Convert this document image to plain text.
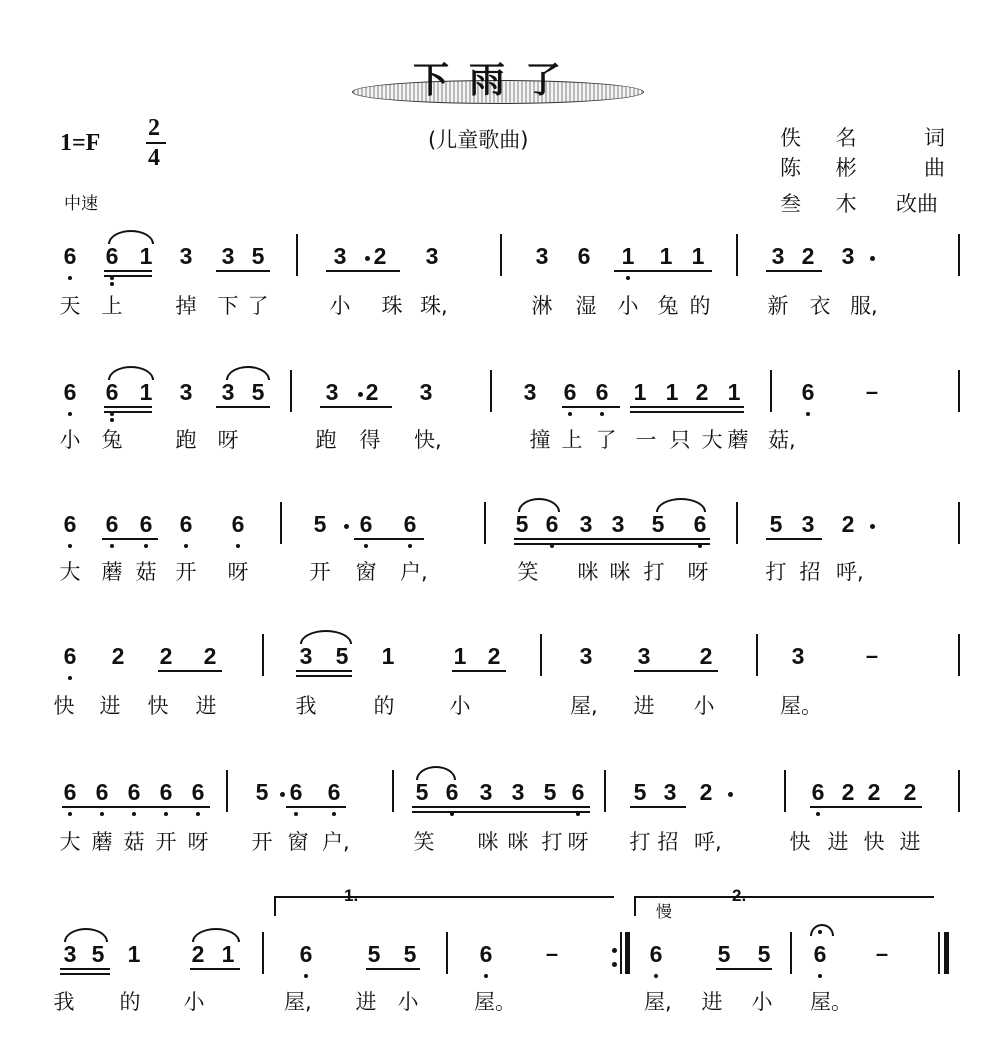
下雨了
1=F
2
4
(儿童歌曲)
中速
佚 名	词
陈 彬	曲
叁 木 改曲
6 6 1 3 3 5	3 2 3	3 6 1 1 1	3 2 3
天 上	掉 下 了	小 珠 珠,	淋 湿 小 兔 的	新 衣 服,
6 6 1 3 3 5	3 2 3	3 6 6 1 1 2 1	6 –
小 兔	跑 呀	跑 得 快,	撞 上 了 一 只 大 蘑 菇,
6 6 6 6 6	5 6 6	5 6 3 3 5 6	5 3 2
大 蘑 菇 开 呀	开 窗 户,	笑 咪 咪 打 呀	打 招 呼,
6 2 2 2	3 5 1	1 2	3 3 2	3	–
快 进 快 进	我	的	小	屋, 进 小	屋。
6 6 6 6 6 5 6 6	5 6 3 3 5 6 5 3 2	6 2 2 2
大 蘑 菇 开 呀 开 窗 户,	笑 咪 咪 打 呀 打 招 呼,	快 进 快 进
3 5 1 2 1	6 5 5	6 –	6 5 5 6 –
我 的 小	屋, 进 小	屋。	屋, 进 小 屋。
1.	2.
慢
